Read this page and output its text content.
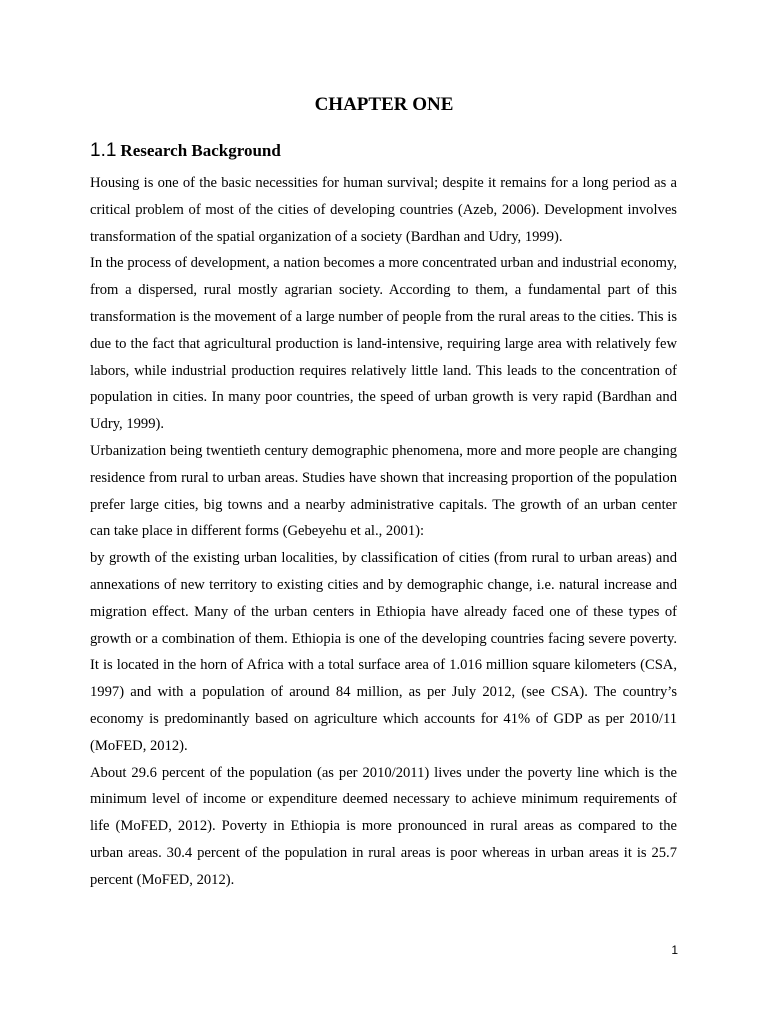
CHAPTER ONE
1.1 Research Background

Housing is one of the basic necessities for human survival; despite it remains for a long period as a critical problem of most of the cities of developing countries (Azeb, 2006). Development involves transformation of the spatial organization of a society (Bardhan and Udry, 1999).

In the process of development, a nation becomes a more concentrated urban and industrial economy, from a dispersed, rural mostly agrarian society. According to them, a fundamental part of this transformation is the movement of a large number of people from the rural areas to the cities. This is due to the fact that agricultural production is land-intensive, requiring large area with relatively few labors, while industrial production requires relatively little land. This leads to the concentration of population in cities. In many poor countries, the speed of urban growth is very rapid (Bardhan and Udry, 1999).

Urbanization being twentieth century demographic phenomena, more and more people are changing residence from rural to urban areas. Studies have shown that increasing proportion of the population prefer large cities, big towns and a nearby administrative capitals. The growth of an urban center can take place in different forms (Gebeyehu et al., 2001):

by growth of the existing urban localities, by classification of cities (from rural to urban areas) and annexations of new territory to existing cities and by demographic change, i.e. natural increase and migration effect. Many of the urban centers in Ethiopia have already faced one of these types of growth or a combination of them. Ethiopia is one of the developing countries facing severe poverty. It is located in the horn of Africa with a total surface area of 1.016 million square kilometers (CSA, 1997) and with a population of around 84 million, as per July 2012, (see CSA). The country’s economy is predominantly based on agriculture which accounts for 41% of GDP as per 2010/11 (MoFED, 2012).

About 29.6 percent of the population (as per 2010/2011) lives under the poverty line which is the minimum level of income or expenditure deemed necessary to achieve minimum requirements of life (MoFED, 2012). Poverty in Ethiopia is more pronounced in rural areas as compared to the urban areas. 30.4 percent of the population in rural areas is poor whereas in urban areas it is 25.7 percent (MoFED, 2012).

1
